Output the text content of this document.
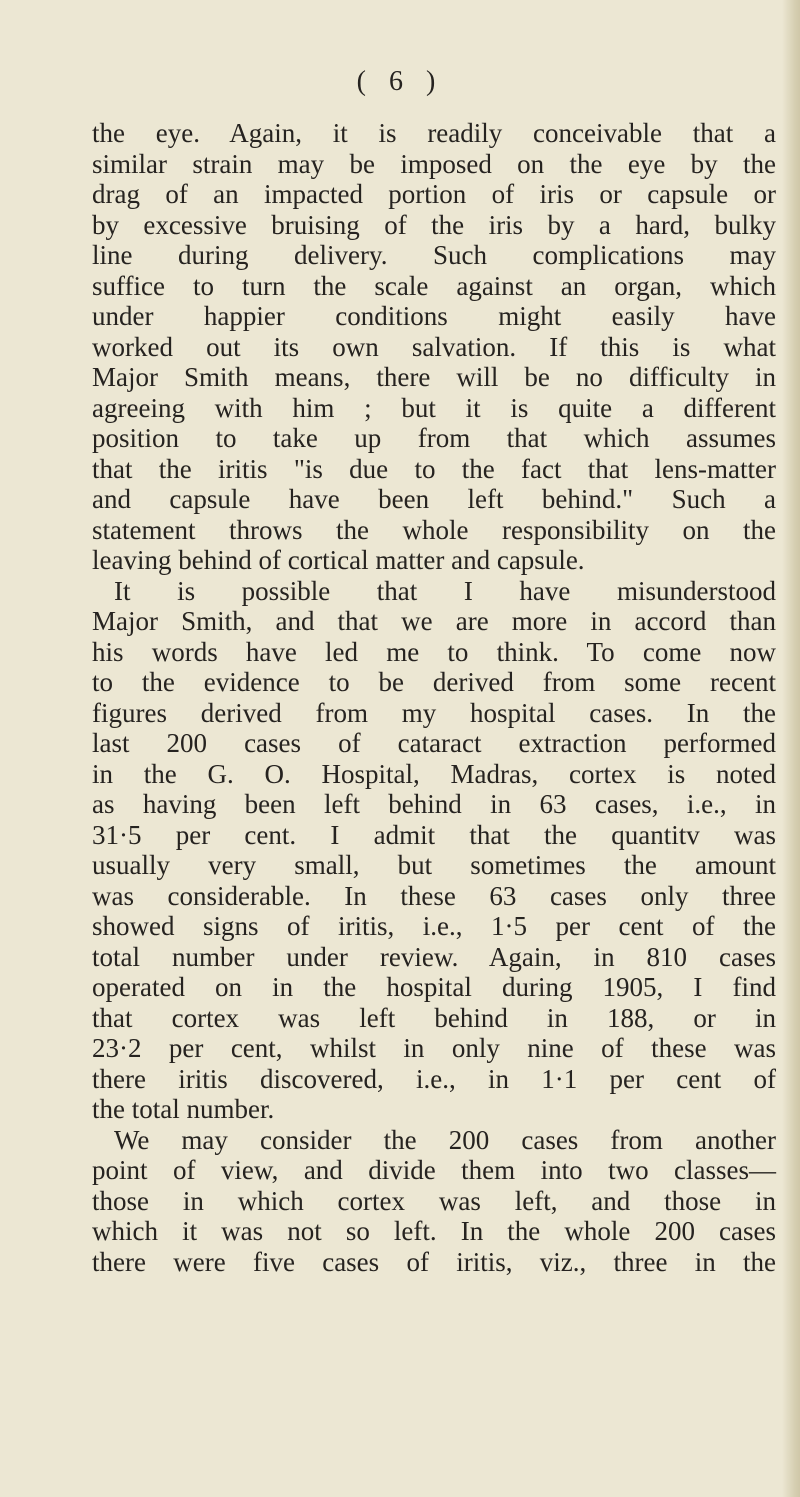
( 6 )
the eye. Again, it is readily conceivable that a
similar strain may be imposed on the eye by the
drag of an impacted portion of iris or capsule or
by excessive bruising of the iris by a hard, bulky
line during delivery. Such complications may
suffice to turn the scale against an organ, which
under happier conditions might easily have
worked out its own salvation. If this is what
Major Smith means, there will be no difficulty in
agreeing with him ; but it is quite a different
position to take up from that which assumes
that the iritis "is due to the fact that lens-matter
and capsule have been left behind." Such a
statement throws the whole responsibility on the
leaving behind of cortical matter and capsule.
It is possible that I have misunderstood
Major Smith, and that we are more in accord than
his words have led me to think. To come now
to the evidence to be derived from some recent
figures derived from my hospital cases. In the
last 200 cases of cataract extraction performed
in the G. O. Hospital, Madras, cortex is noted
as having been left behind in 63 cases, i.e., in
31·5 per cent. I admit that the quantitv was
usually very small, but sometimes the amount
was considerable. In these 63 cases only three
showed signs of iritis, i.e., 1·5 per cent of the
total number under review. Again, in 810 cases
operated on in the hospital during 1905, I find
that cortex was left behind in 188, or in
23·2 per cent, whilst in only nine of these was
there iritis discovered, i.e., in 1·1 per cent of
the total number.
We may consider the 200 cases from another
point of view, and divide them into two classes—
those in which cortex was left, and those in
which it was not so left. In the whole 200 cases
there were five cases of iritis, viz., three in the
